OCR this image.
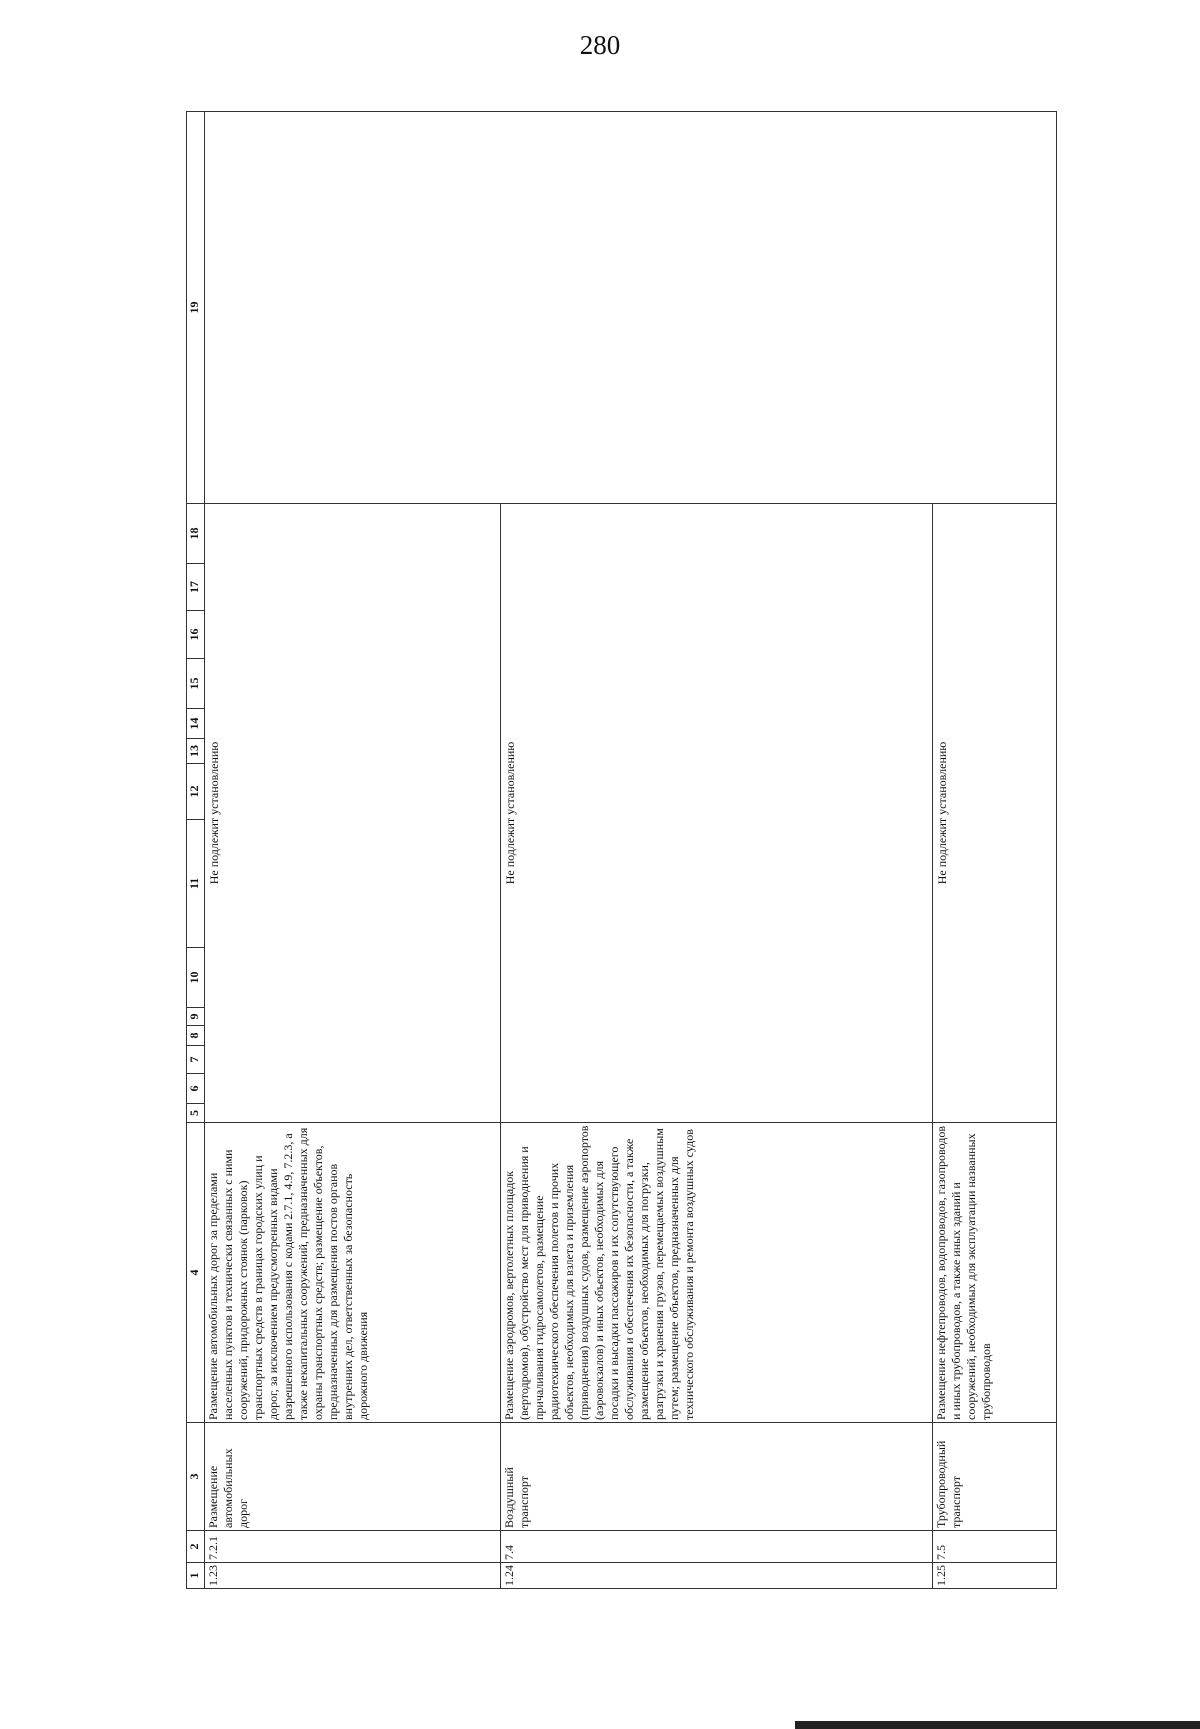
280
1	2	3	4	5	6	7	8	9	10	11	12	13	14	15	16	17	18	19
1.23	7.2.1	Размещение автомобильных дорог	Размещение автомобильных дорог за пределами населенных пунктов и технически связанных с ними сооружений, придорожных стоянок (парковок) транспортных средств в границах городских улиц и дорог, за исключением предусмотренных видами разрешенного использования с кодами 2.7.1, 4.9, 7.2.3, а также некапитальных сооружений, предназначенных для охраны транспортных средств; размещение объектов, предназначенных для размещения постов органов внутренних дел, ответственных за безопасность дорожного движения	Не подлежит установлению														
1.24	7.4	Воздушный транспорт	Размещение аэродромов, вертолетных площадок (вертодромов), обустройство мест для приводнения и причаливания гидросамолетов, размещение радиотехнического обеспечения полетов и прочих объектов, необходимых для взлета и приземления (приводнения) воздушных судов, размещение аэропортов (аэровокзалов) и иных объектов, необходимых для посадки и высадки пассажиров и их сопутствующего обслуживания и обеспечения их безопасности, а также размещение объектов, необходимых для погрузки, разгрузки и хранения грузов, перемещаемых воздушным путем; размещение объектов, предназначенных для технического обслуживания и ремонта воздушных судов	Не подлежит установлению														
1.25	7.5	Трубопроводный транспорт	Размещение нефтепроводов, водопроводов, газопроводов и иных трубопроводов, а также иных зданий и сооружений, необходимых для эксплуатации названных трубопроводов	Не подлежит установлению														
